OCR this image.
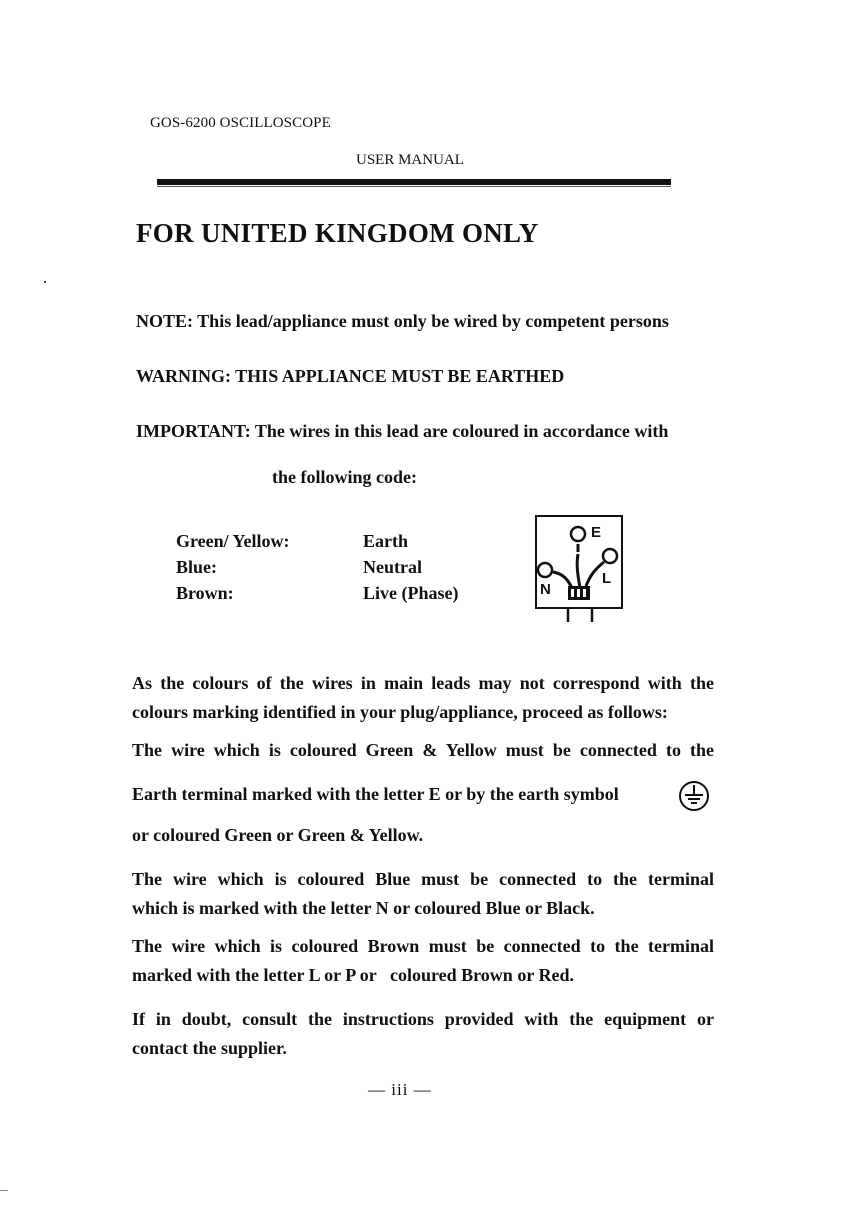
GOS-6200 OSCILLOSCOPE
USER MANUAL
FOR UNITED KINGDOM ONLY
NOTE: This lead/appliance must only be wired by competent persons
WARNING: THIS APPLIANCE MUST BE EARTHED
IMPORTANT: The wires in this lead are coloured in accordance with
the following code:
Green/ Yellow:	Earth
Blue:	Neutral
Brown:	Live (Phase)
E
L
N
As the colours of the wires in main leads may not correspond with the
colours marking identified in your plug/appliance, proceed as follows:
The wire which is coloured Green & Yellow must be connected to the
Earth terminal marked with the letter E or by the earth symbol
or coloured Green or Green & Yellow.
The wire which is coloured Blue must be connected to the terminal
which is marked with the letter N or coloured Blue or Black.
The wire which is coloured Brown must be connected to the terminal
marked with the letter L or P or   coloured Brown or Red.
If in doubt, consult the instructions provided with the equipment or
contact the supplier.
— iii —
